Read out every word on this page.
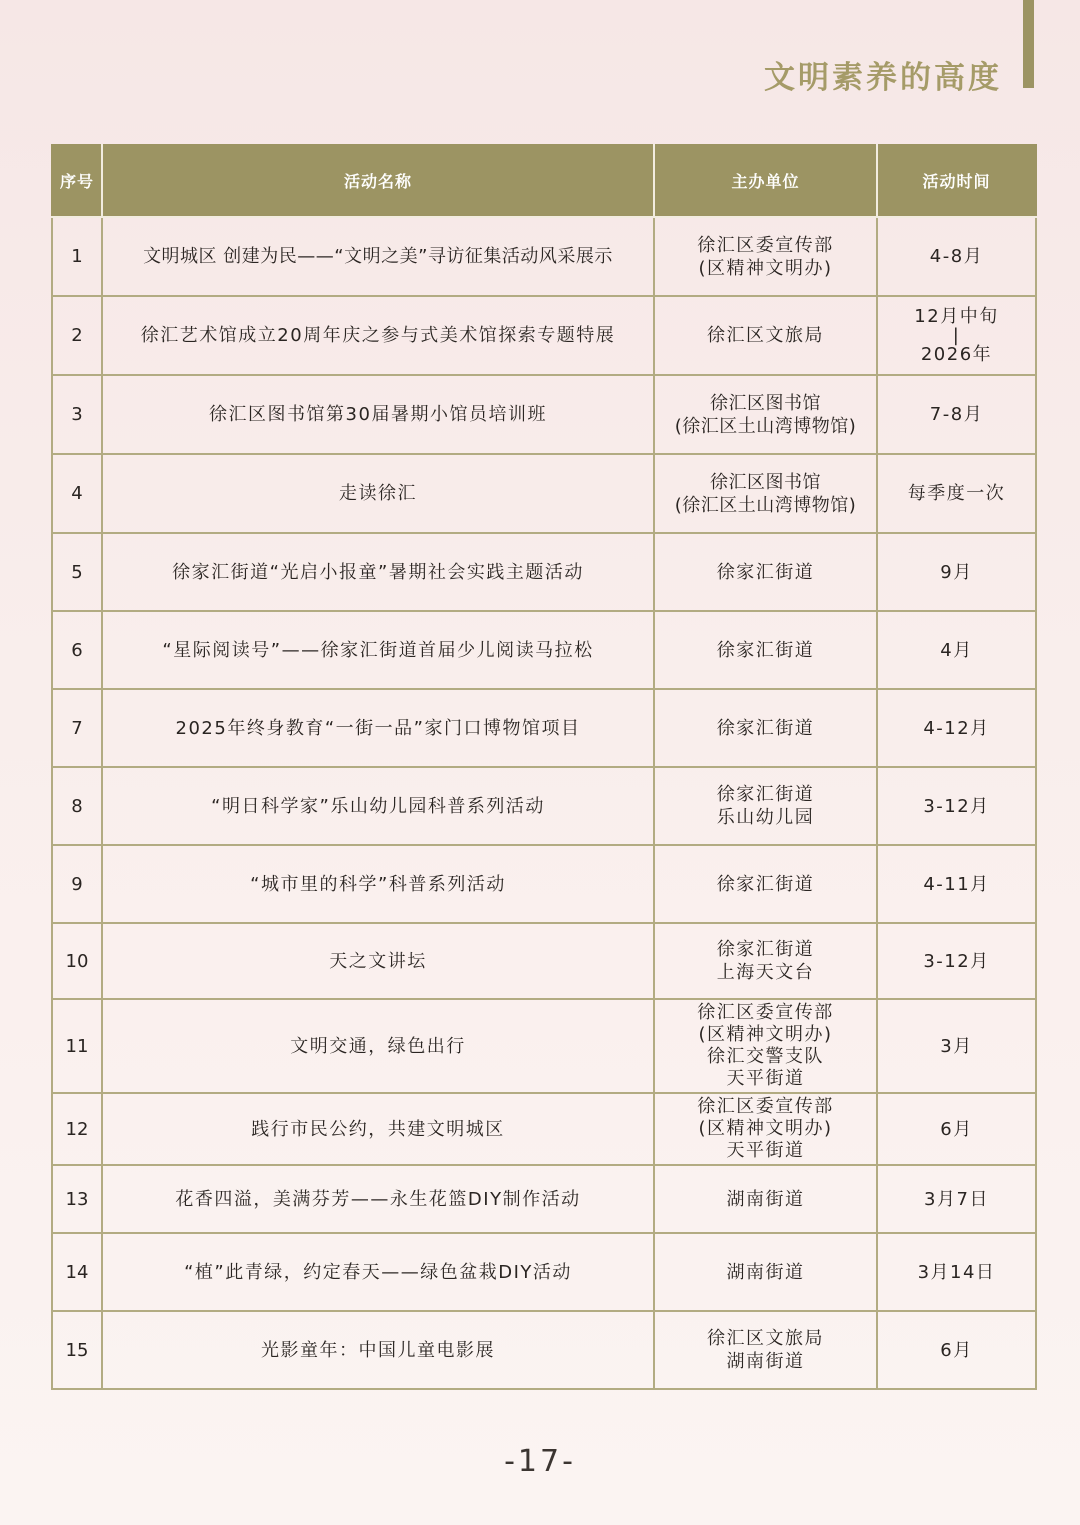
文明素养的高度
序号	活动名称	主办单位	活动时间
1	文明城区 创建为民——“文明之美”寻访征集活动风采展示	徐汇区委宣传部
(区精神文明办)	4-8月
2	徐汇艺术馆成立20周年庆之参与式美术馆探索专题特展	徐汇区文旅局	12月中旬
|
2026年
3	徐汇区图书馆第30届暑期小馆员培训班	徐汇区图书馆
(徐汇区土山湾博物馆)	7-8月
4	走读徐汇	徐汇区图书馆
(徐汇区土山湾博物馆)	每季度一次
5	徐家汇街道“光启小报童”暑期社会实践主题活动	徐家汇街道	9月
6	“星际阅读号”——徐家汇街道首届少儿阅读马拉松	徐家汇街道	4月
7	2025年终身教育“一街一品”家门口博物馆项目	徐家汇街道	4-12月
8	“明日科学家”乐山幼儿园科普系列活动	徐家汇街道
乐山幼儿园	3-12月
9	“城市里的科学”科普系列活动	徐家汇街道	4-11月
10	天之文讲坛	徐家汇街道
上海天文台	3-12月
11	文明交通，绿色出行	徐汇区委宣传部
(区精神文明办)
徐汇交警支队
天平街道	3月
12	践行市民公约，共建文明城区	徐汇区委宣传部
(区精神文明办)
天平街道	6月
13	花香四溢，美满芬芳——永生花篮DIY制作活动	湖南街道	3月7日
14	“植”此青绿，约定春天——绿色盆栽DIY活动	湖南街道	3月14日
15	光影童年：中国儿童电影展	徐汇区文旅局
湖南街道	6月
-17-
